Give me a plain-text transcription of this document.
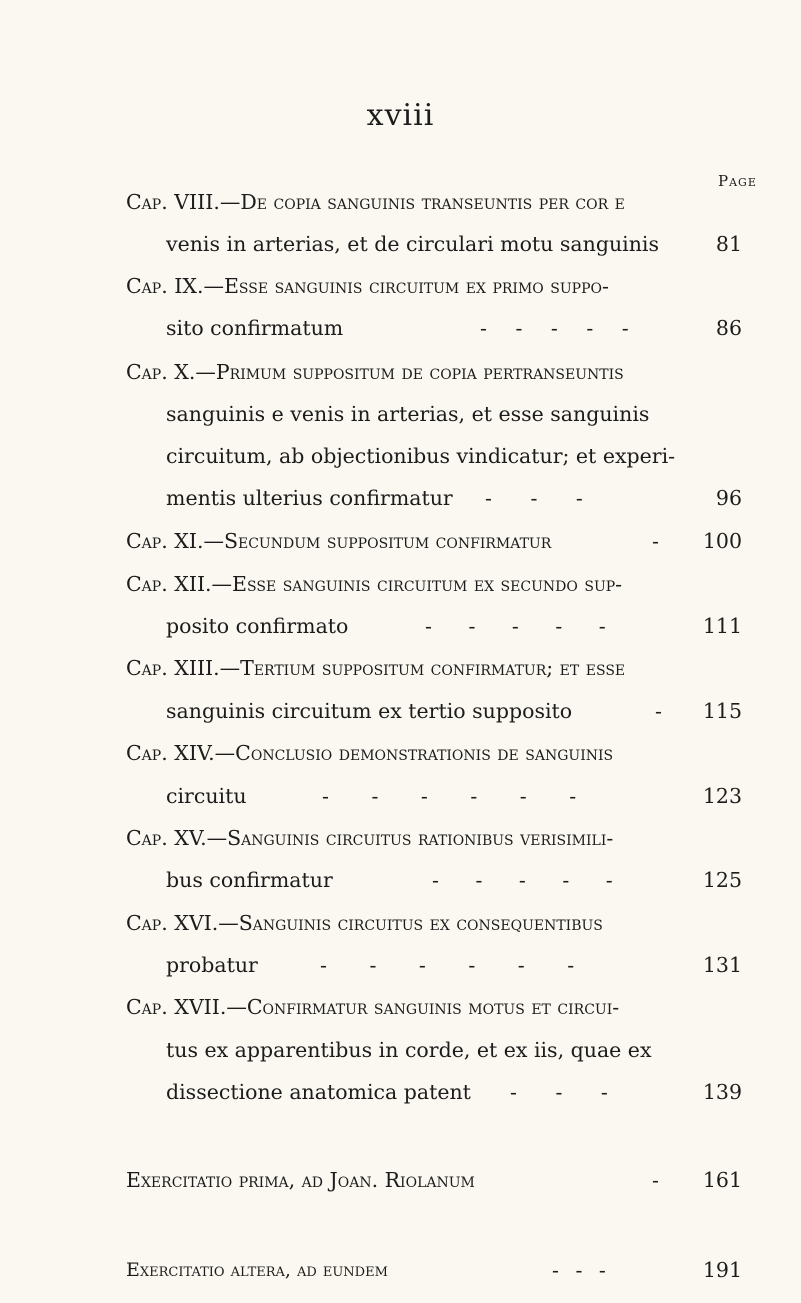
xviii
Page
Cap. VIII.—De copia sanguinis transeuntis per cor e
venis in arterias, et de circulari motu sanguinis	81
Cap. IX.—Esse sanguinis circuitum ex primo suppo-
sito confirmatum	- - - - -	86
Cap. X.—Primum suppositum de copia pertranseuntis
sanguinis e venis in arterias, et esse sanguinis
circuitum, ab objectionibus vindicatur; et experi-
mentis ulterius confirmatur - - -	96
Cap. XI.—Secundum suppositum confirmatur	- 100
Cap. XII.—Esse sanguinis circuitum ex secundo sup-
posito confirmato	- - - - -	111
Cap. XIII.—Tertium suppositum confirmatur; et esse
sanguinis circuitum ex tertio supposito	- 115
Cap. XIV.—Conclusio demonstrationis de sanguinis
circuitu	- - - - - -	123
Cap. XV.—Sanguinis circuitus rationibus verisimili-
bus confirmatur	- - - - -	125
Cap. XVI.—Sanguinis circuitus ex consequentibus
probatur	- - - - - -	131
Cap. XVII.—Confirmatur sanguinis motus et circui-
tus ex apparentibus in corde, et ex iis, quae ex
dissectione anatomica patent - - -	139
Exercitatio prima, ad Joan. Riolanum	- 161
Exercitatio altera, ad eundem	- - -	191
